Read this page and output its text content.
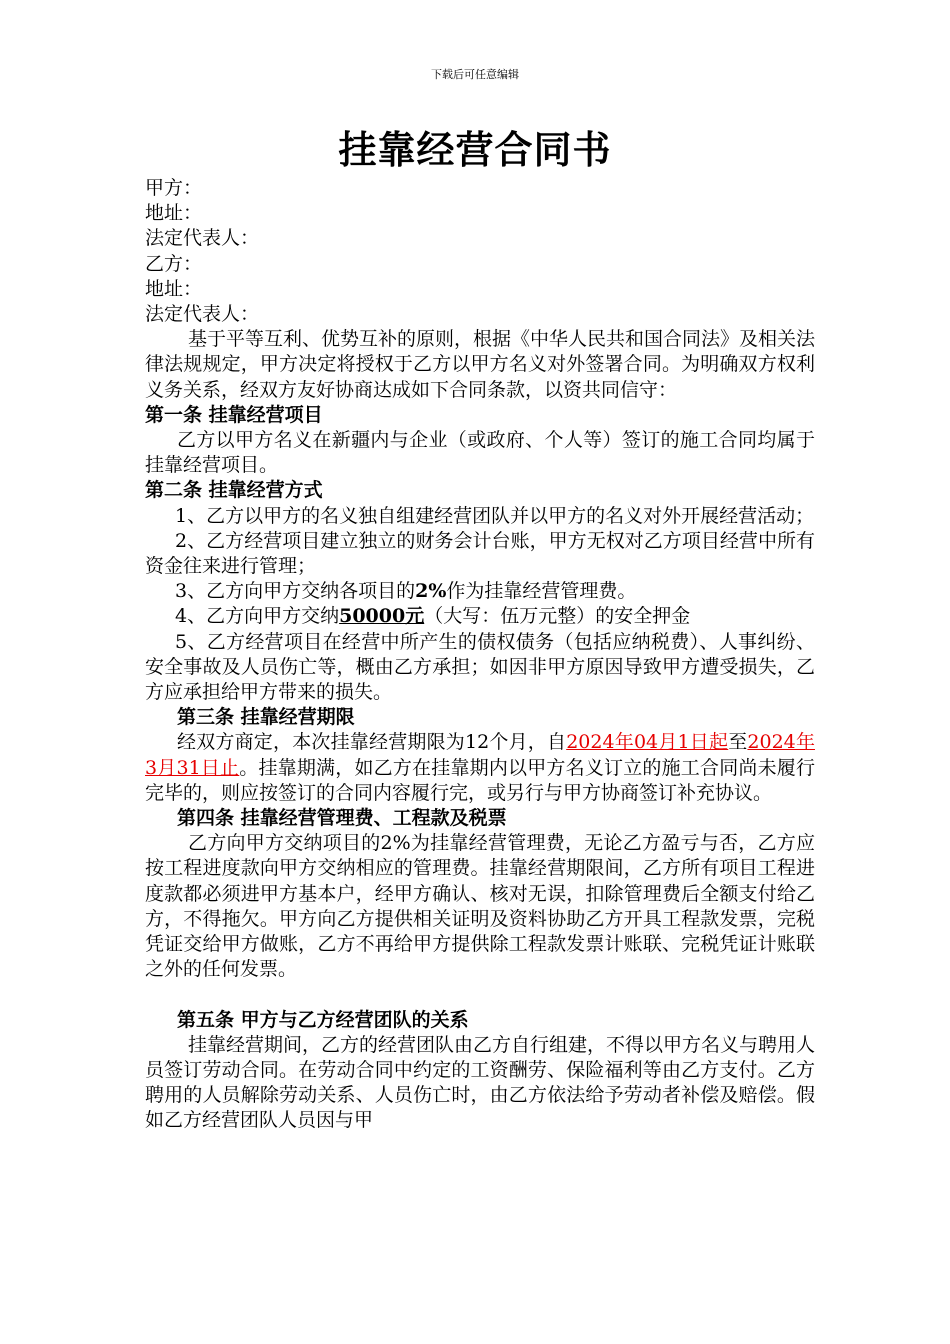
下载后可任意编辑
挂靠经营合同书

甲方：

地址：

法定代表人：

乙方：

地址：

法定代表人：

基于平等互利、优势互补的原则，根据《中华人民共和国合同法》及相关法律法规规定，甲方决定将授权于乙方以甲方名义对外签署合同。为明确双方权利义务关系，经双方友好协商达成如下合同条款，以资共同信守：

第一条 挂靠经营项目

乙方以甲方名义在新疆内与企业（或政府、个人等）签订的施工合同均属于挂靠经营项目。

第二条 挂靠经营方式

1、乙方以甲方的名义独自组建经营团队并以甲方的名义对外开展经营活动；

2、乙方经营项目建立独立的财务会计台账，甲方无权对乙方项目经营中所有资金往来进行管理；

3、乙方向甲方交纳各项目的2%作为挂靠经营管理费。

4、乙方向甲方交纳50000元（大写：伍万元整）的安全押金

5、乙方经营项目在经营中所产生的债权债务（包括应纳税费）、人事纠纷、安全事故及人员伤亡等，概由乙方承担；如因非甲方原因导致甲方遭受损失，乙方应承担给甲方带来的损失。

第三条 挂靠经营期限

经双方商定，本次挂靠经营期限为12个月，自2024年04月1日起至2024年3月31日止。挂靠期满，如乙方在挂靠期内以甲方名义订立的施工合同尚未履行完毕的，则应按签订的合同内容履行完，或另行与甲方协商签订补充协议。

第四条 挂靠经营管理费、工程款及税票

乙方向甲方交纳项目的2%为挂靠经营管理费，无论乙方盈亏与否，乙方应按工程进度款向甲方交纳相应的管理费。挂靠经营期限间，乙方所有项目工程进度款都必须进甲方基本户，经甲方确认、核对无误，扣除管理费后全额支付给乙方，不得拖欠。甲方向乙方提供相关证明及资料协助乙方开具工程款发票，完税凭证交给甲方做账，乙方不再给甲方提供除工程款发票计账联、完税凭证计账联之外的任何发票。

第五条 甲方与乙方经营团队的关系

挂靠经营期间，乙方的经营团队由乙方自行组建，不得以甲方名义与聘用人员签订劳动合同。在劳动合同中约定的工资酬劳、保险福利等由乙方支付。乙方聘用的人员解除劳动关系、人员伤亡时，由乙方依法给予劳动者补偿及赔偿。假如乙方经营团队人员因与甲
